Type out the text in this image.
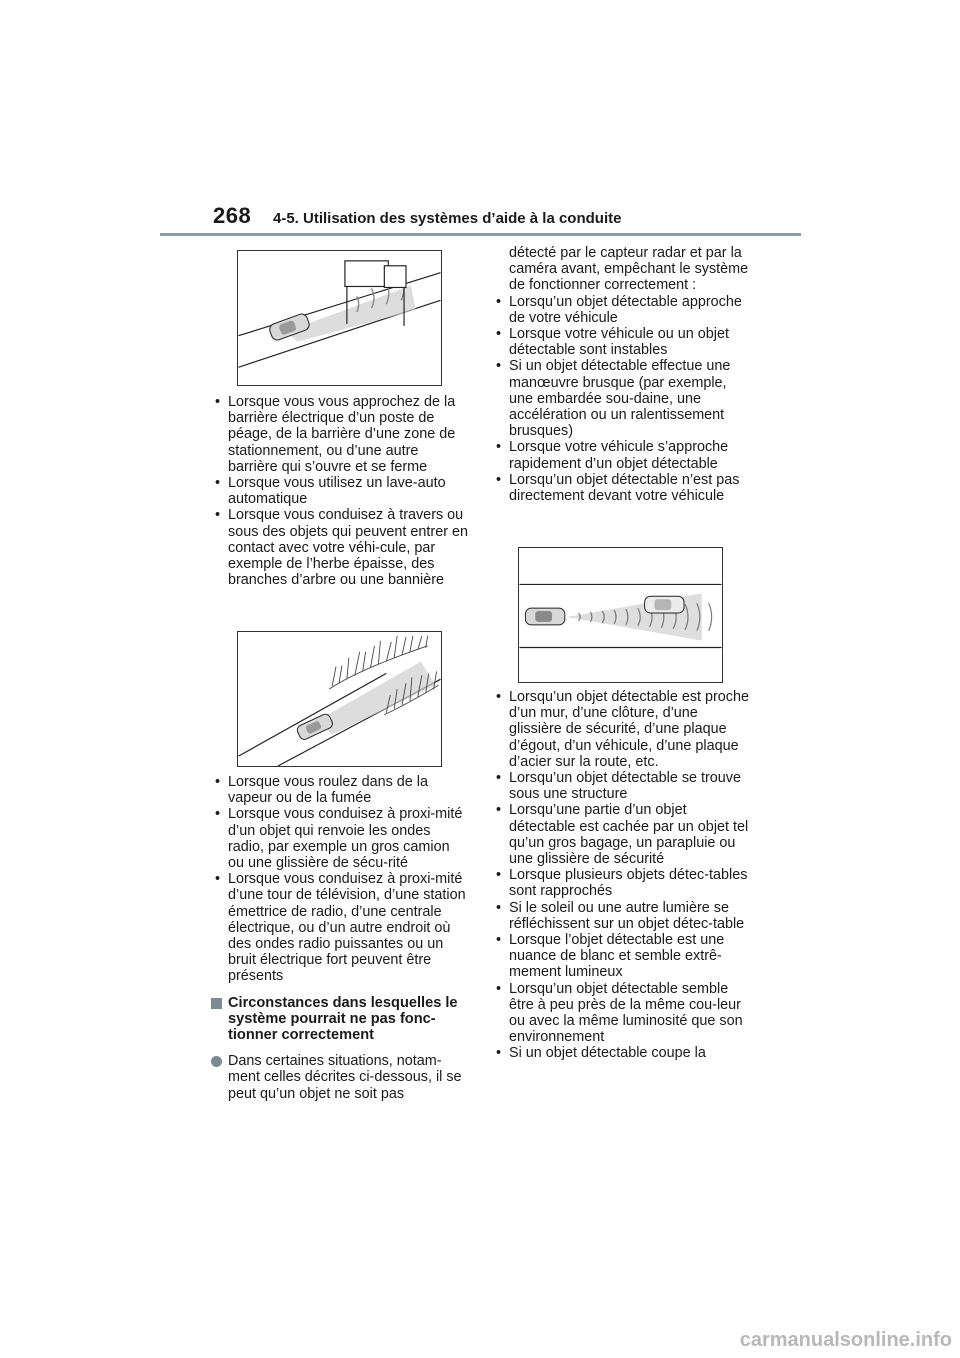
268 4-5. Utilisation des systèmes d’aide à la conduite
• Lorsque vous vous approchez de la barrière électrique d’un poste de péage, de la barrière d’une zone de stationnement, ou d’une autre barrière qui s’ouvre et se ferme
• Lorsque vous utilisez un lave-auto automatique
• Lorsque vous conduisez à travers ou sous des objets qui peuvent entrer en contact avec votre véhi-cule, par exemple de l’herbe épaisse, des branches d’arbre ou une bannière
• Lorsque vous roulez dans de la vapeur ou de la fumée
• Lorsque vous conduisez à proxi-mité d’un objet qui renvoie les ondes radio, par exemple un gros camion ou une glissière de sécu-rité
• Lorsque vous conduisez à proxi-mité d’une tour de télévision, d’une station émettrice de radio, d’une centrale électrique, ou d’un autre endroit où des ondes radio puissantes ou un bruit électrique fort peuvent être présents
Circonstances dans lesquelles le système pourrait ne pas fonc-tionner correctement
Dans certaines situations, notam-ment celles décrites ci-dessous, il se peut qu’un objet ne soit pas

détecté par le capteur radar et par la caméra avant, empêchant le système de fonctionner correctement :

• Lorsqu’un objet détectable approche de votre véhicule
• Lorsque votre véhicule ou un objet détectable sont instables
• Si un objet détectable effectue une manœuvre brusque (par exemple, une embardée sou-daine, une accélération ou un ralentissement brusques)
• Lorsque votre véhicule s’approche rapidement d’un objet détectable
• Lorsqu’un objet détectable n’est pas directement devant votre véhicule
• Lorsqu’un objet détectable est proche d’un mur, d’une clôture, d’une glissière de sécurité, d’une plaque d’égout, d’un véhicule, d’une plaque d’acier sur la route, etc.
• Lorsqu’un objet détectable se trouve sous une structure
• Lorsqu’une partie d’un objet détectable est cachée par un objet tel qu’un gros bagage, un parapluie ou une glissière de sécurité
• Lorsque plusieurs objets détec-tables sont rapprochés
• Si le soleil ou une autre lumière se réfléchissent sur un objet détec-table
• Lorsque l’objet détectable est une nuance de blanc et semble extrê-mement lumineux
• Lorsqu’un objet détectable semble être à peu près de la même cou-leur ou avec la même luminosité que son environnement
• Si un objet détectable coupe la
carmanualsonline.info
